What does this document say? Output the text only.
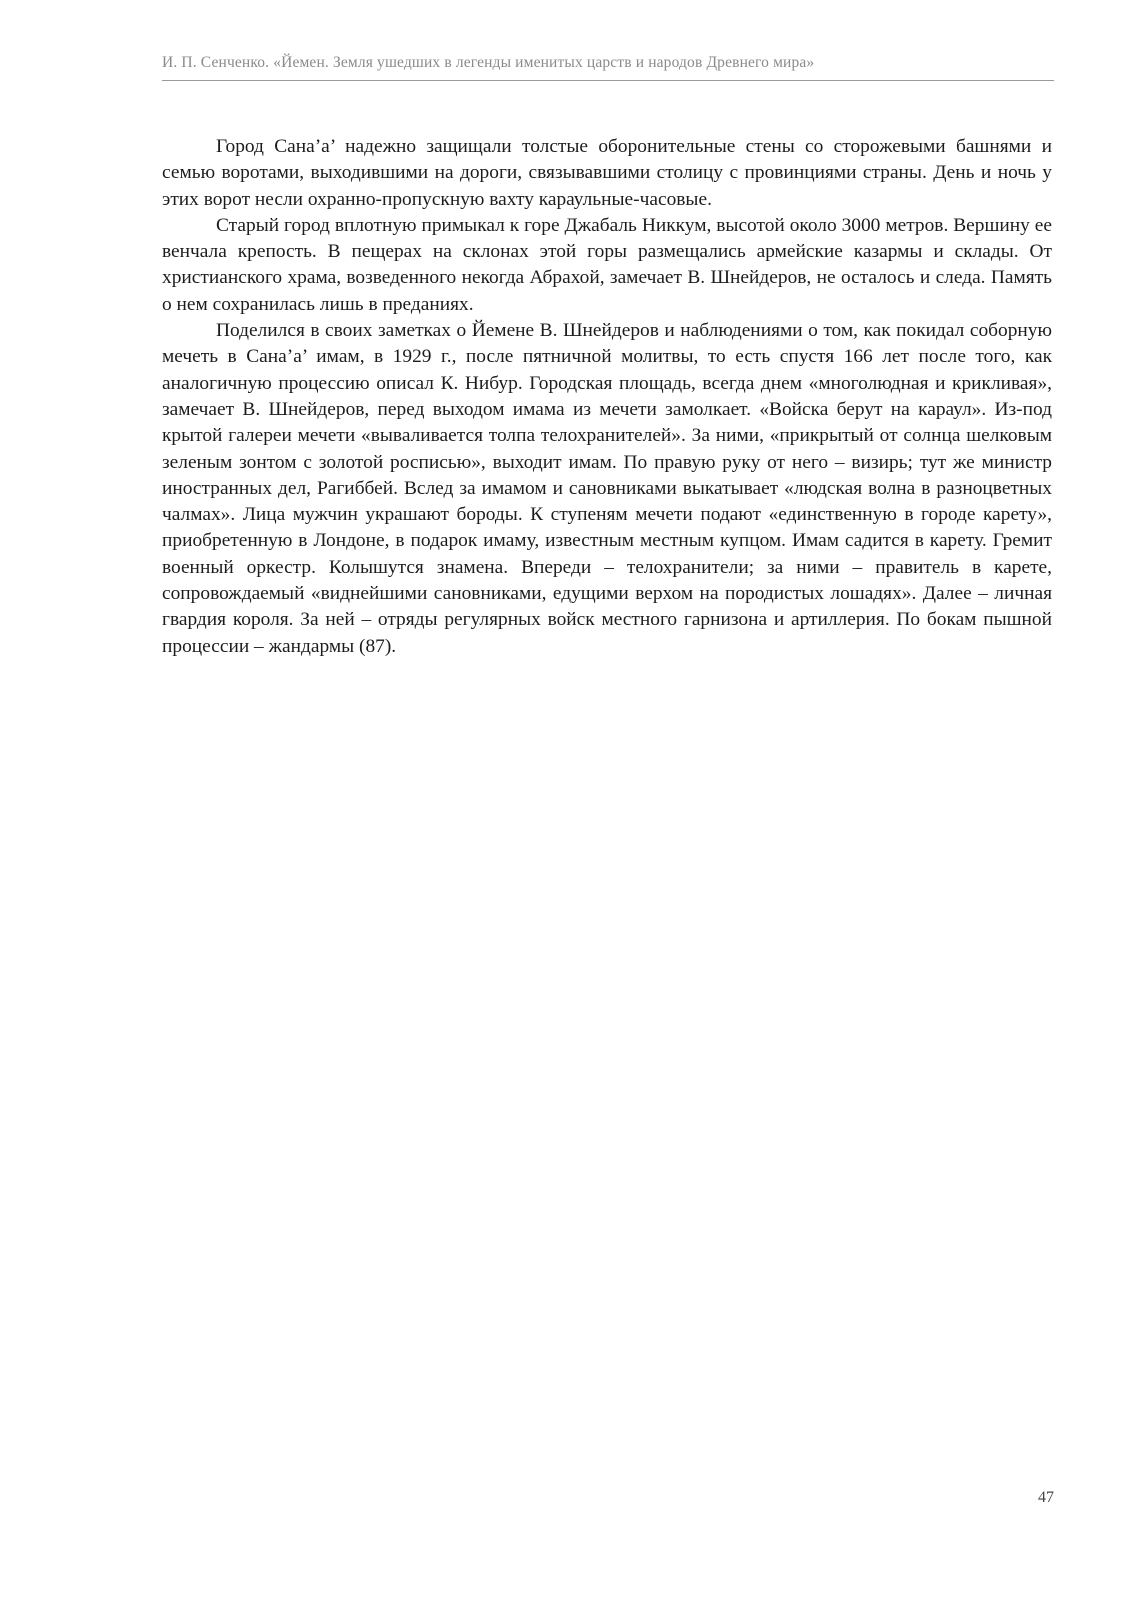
И. П. Сенченко. «Йемен. Земля ушедших в легенды именитых царств и народов Древнего мира»

Город Сана’а’ надежно защищали толстые оборонительные стены со сторожевыми башнями и семью воротами, выходившими на дороги, связывавшими столицу с провинциями страны. День и ночь у этих ворот несли охранно-пропускную вахту караульные-часовые.

Старый город вплотную примыкал к горе Джабаль Никкум, высотой около 3000 метров. Вершину ее венчала крепость. В пещерах на склонах этой горы размещались армейские казармы и склады. От христианского храма, возведенного некогда Абрахой, замечает В. Шнейдеров, не осталось и следа. Память о нем сохранилась лишь в преданиях.

Поделился в своих заметках о Йемене В. Шнейдеров и наблюдениями о том, как покидал соборную мечеть в Сана’а’ имам, в 1929 г., после пятничной молитвы, то есть спустя 166 лет после того, как аналогичную процессию описал К. Нибур. Городская площадь, всегда днем «многолюдная и крикливая», замечает В. Шнейдеров, перед выходом имама из мечети замолкает. «Войска берут на караул». Из-под крытой галереи мечети «вываливается толпа телохранителей». За ними, «прикрытый от солнца шелковым зеленым зонтом с золотой росписью», выходит имам. По правую руку от него – визирь; тут же министр иностранных дел, Рагиббей. Вслед за имамом и сановниками выкатывает «людская волна в разноцветных чалмах». Лица мужчин украшают бороды. К ступеням мечети подают «единственную в городе карету», приобретенную в Лондоне, в подарок имаму, известным местным купцом. Имам садится в карету. Гремит военный оркестр. Колышутся знамена. Впереди – телохранители; за ними – правитель в карете, сопровождаемый «виднейшими сановниками, едущими верхом на породистых лошадях». Далее – личная гвардия короля. За ней – отряды регулярных войск местного гарнизона и артиллерия. По бокам пышной процессии – жандармы (87).

47
